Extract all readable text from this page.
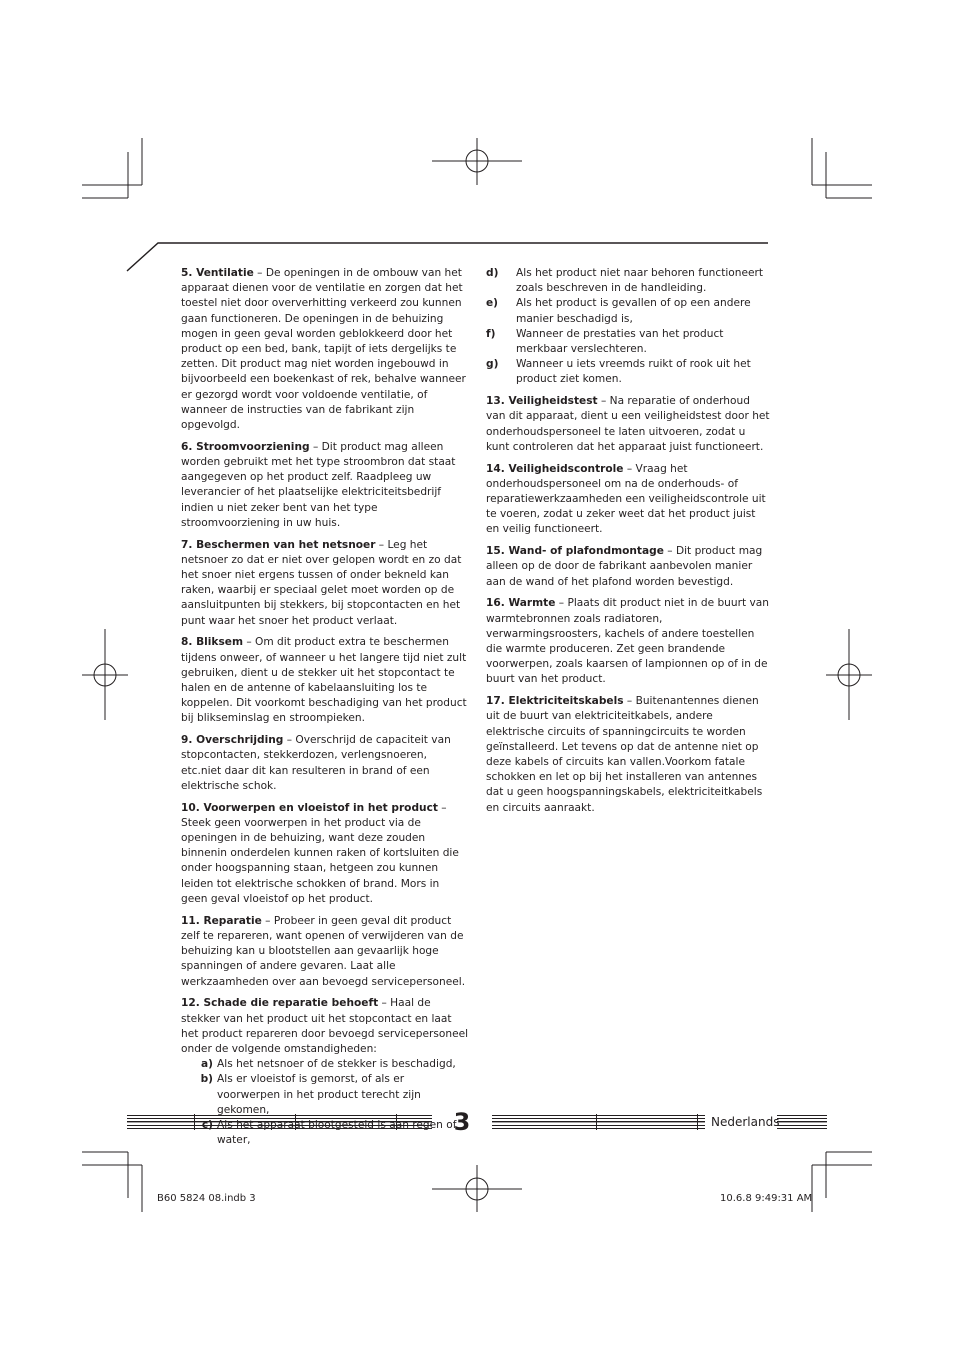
5. Ventilatie – De openingen in de ombouw van het apparaat dienen voor de ventilatie en zorgen dat het toestel niet door oververhitting verkeerd zou kunnen gaan functioneren. De openingen in de behuizing mogen in geen geval worden geblokkeerd door het product op een bed, bank, tapijt of iets dergelijks te zetten. Dit product mag niet worden ingebouwd in bijvoorbeeld een boekenkast of rek, behalve wanneer er gezorgd wordt voor voldoende ventilatie, of wanneer de instructies van de fabrikant zijn opgevolgd.

6. Stroomvoorziening – Dit product mag alleen worden gebruikt met het type stroombron dat staat aangegeven op het product zelf. Raadpleeg uw leverancier of het plaatselijke elektriciteitsbedrijf indien u niet zeker bent van het type stroomvoorziening in uw huis.

7. Beschermen van het netsnoer – Leg het netsnoer zo dat er niet over gelopen wordt en zo dat het snoer niet ergens tussen of onder bekneld kan raken, waarbij er speciaal gelet moet worden op de aansluitpunten bij stekkers, bij stopcontacten en het punt waar het snoer het product verlaat.

8. Bliksem – Om dit product extra te beschermen tijdens onweer, of wanneer u het langere tijd niet zult gebruiken, dient u de stekker uit het stopcontact te halen en de antenne of kabelaansluiting los te koppelen. Dit voorkomt beschadiging van het product bij blikseminslag en stroompieken.

9. Overschrijding – Overschrijd de capaciteit van stopcontacten, stekkerdozen, verlengsnoeren, etc.niet daar dit kan resulteren in brand of een elektrische schok.

10. Voorwerpen en vloeistof in het product – Steek geen voorwerpen in het product via de openingen in de behuizing, want deze zouden binnenin onderdelen kunnen raken of kortsluiten die onder hoogspanning staan, hetgeen zou kunnen leiden tot elektrische schokken of brand. Mors in geen geval vloeistof op het product.

11. Reparatie – Probeer in geen geval dit product zelf te repareren, want openen of verwijderen van de behuizing kan u blootstellen aan gevaarlijk hoge spanningen of andere gevaren. Laat alle werkzaamheden over aan bevoegd servicepersoneel.

12. Schade die reparatie behoeft – Haal de stekker van het product uit het stopcontact en laat het product repareren door bevoegd servicepersoneel onder de volgende omstandigheden:

a) Als het netsnoer of de stekker is beschadigd,
b) Als er vloeistof is gemorst, of als er voorwerpen in het product terecht zijn gekomen,
c) Als het apparaat blootgesteld is aan regen of water,
d)	Als het product niet naar behoren functioneert zoals beschreven in de handleiding.
e)	Als het product is gevallen of op een andere manier beschadigd is,
f)	Wanneer de prestaties van het product merkbaar verslechteren.
g)	Wanneer u iets vreemds ruikt of rook uit het product ziet komen.

13. Veiligheidstest – Na reparatie of onderhoud van dit apparaat, dient u een veiligheidstest door het onderhoudspersoneel te laten uitvoeren, zodat u kunt controleren dat het apparaat juist functioneert.

14. Veiligheidscontrole – Vraag het onderhoudspersoneel om na de onderhouds- of reparatiewerkzaamheden een veiligheidscontrole uit te voeren, zodat u zeker weet dat het product juist en veilig functioneert.

15. Wand- of plafondmontage – Dit product mag alleen op de door de fabrikant aanbevolen manier aan de wand of het plafond worden bevestigd.

16. Warmte – Plaats dit product niet in de buurt van warmtebronnen zoals radiatoren, verwarmingsroosters, kachels of andere toestellen die warmte produceren. Zet geen brandende voorwerpen, zoals kaarsen of lampionnen op of in de buurt van het product.

17. Elektriciteitskabels – Buitenantennes dienen uit de buurt van elektriciteitkabels, andere elektrische circuits of spanningcircuits te worden geïnstalleerd. Let tevens op dat de antenne niet op deze kabels of circuits kan vallen.Voorkom fatale schokken en let op bij het installeren van antennes dat u geen hoogspanningskabels, elektriciteitkabels en circuits aanraakt.

3	Nederlands
B60 5824 08.indb 3	10.6.8 9:49:31 AM
